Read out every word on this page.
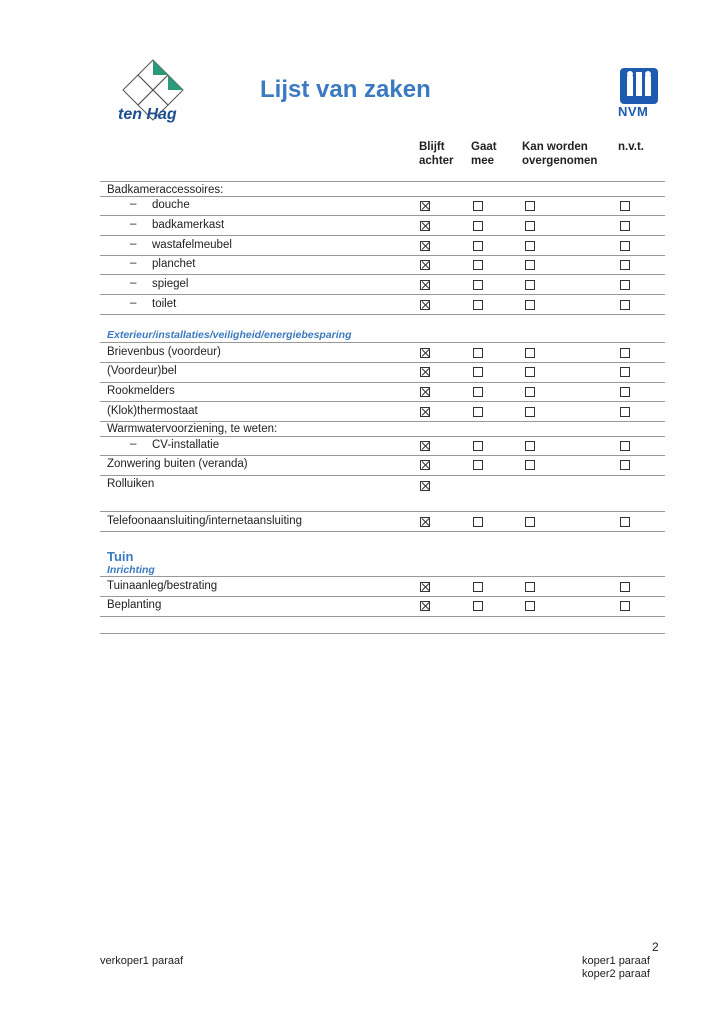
ten Hag
Lijst van zaken
NVM
Blijft
achter
Gaat
mee
Kan worden
overgenomen
n.v.t.
Badkameraccessoires:
– douche
– badkamerkast
– wastafelmeubel
– planchet
– spiegel
– toilet
Exterieur/installaties/veiligheid/energiebesparing
Brievenbus (voordeur)
(Voordeur)bel
Rookmelders
(Klok)thermostaat
Warmwatervoorziening, te weten:
– CV-installatie
Zonwering buiten (veranda)
Rolluiken
Telefoonaansluiting/internetaansluiting
Tuin
Inrichting
Tuinaanleg/bestrating
Beplanting
2
verkoper1 paraaf	koper1 paraaf
koper2 paraaf
